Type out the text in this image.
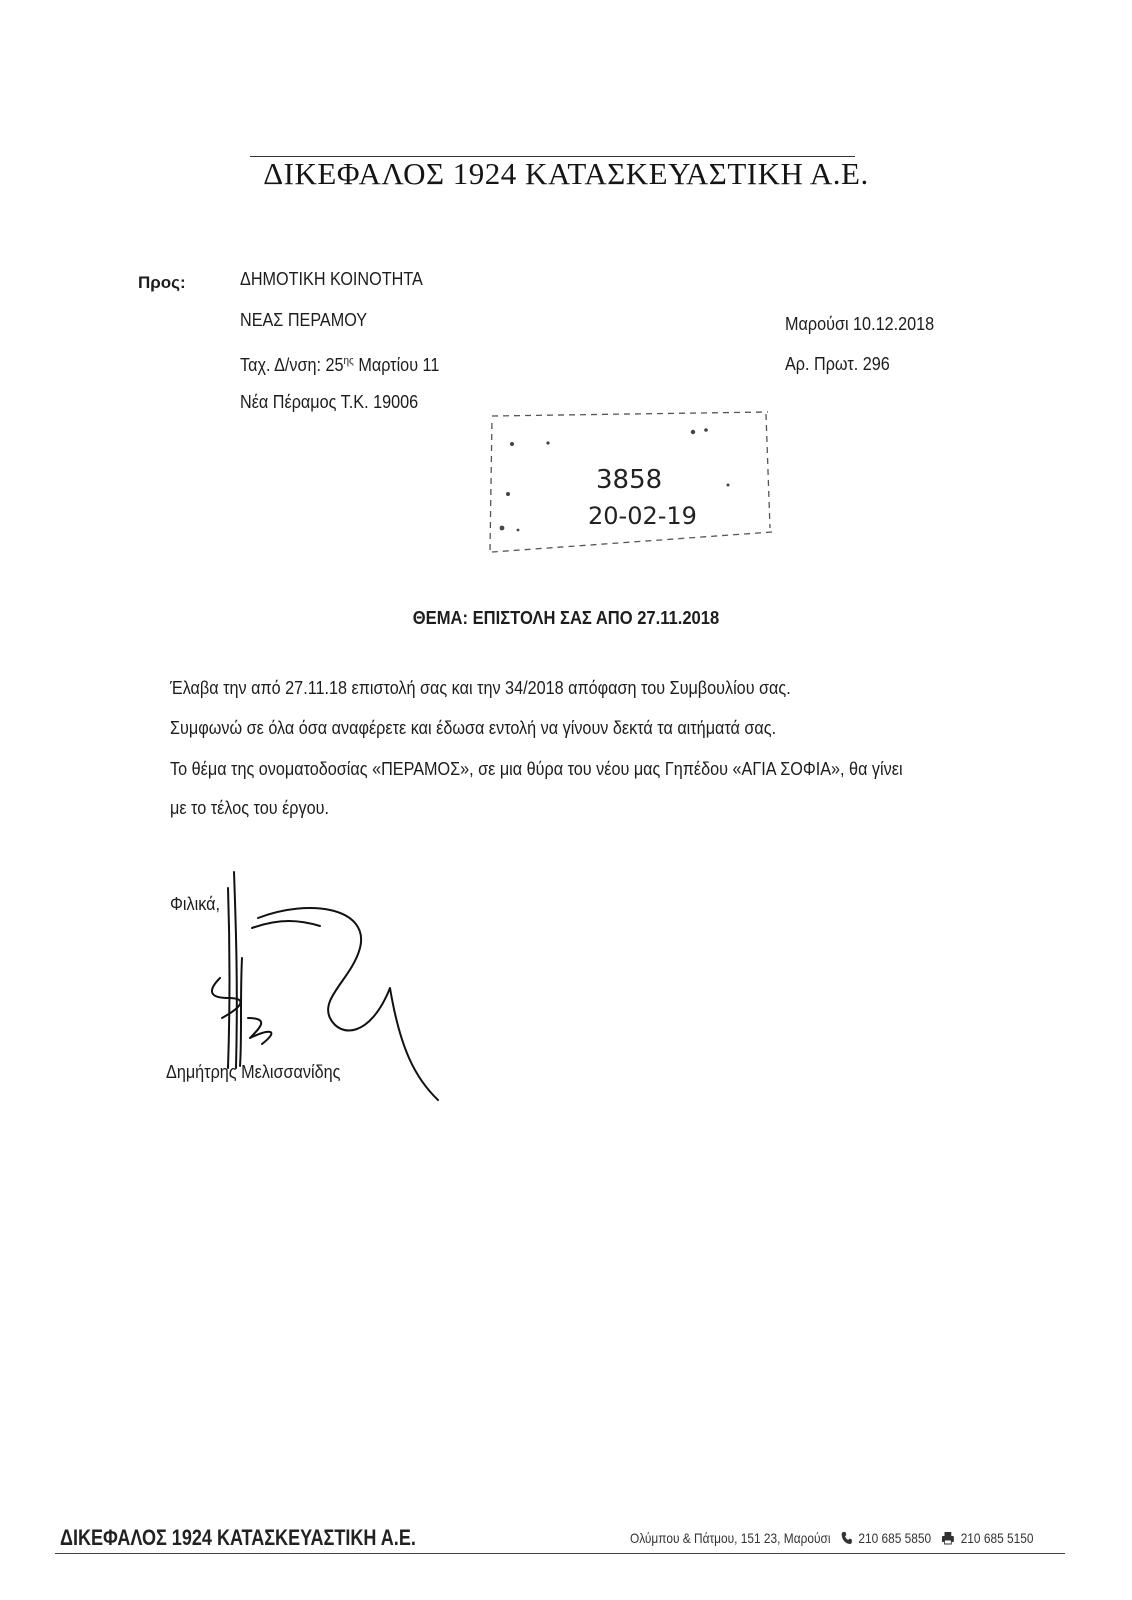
ΔΙΚΕΦΑΛΟΣ 1924 ΚΑΤΑΣΚΕΥΑΣΤΙΚΗ Α.Ε.
Προς:	ΔΗΜΟΤΙΚΗ ΚΟΙΝΟΤΗΤΑ
ΝΕΑΣ ΠΕΡΑΜΟΥ
Ταχ. Δ/νση: $25^{\eta\varsigma}$ Μαρτίου 11
Νέα Πέραμος Τ.Κ. 19006
Μαρούσι 10.12.2018
Αρ. Πρωτ. 296
3858
20-02-19
ΘΕΜΑ: ΕΠΙΣΤΟΛΗ ΣΑΣ ΑΠΟ 27.11.2018
Έλαβα την από 27.11.18 επιστολή σας και την 34/2018 απόφαση του Συμβουλίου σας.
Συμφωνώ σε όλα όσα αναφέρετε και έδωσα εντολή να γίνουν δεκτά τα αιτήματά σας.
Το θέμα της ονοματοδοσίας «ΠΕΡΑΜΟΣ», σε μια θύρα του νέου μας Γηπέδου «ΑΓΙΑ ΣΟΦΙΑ», θα γίνει
με το τέλος του έργου.
Φιλικά,
Δημήτρης Μελισσανίδης
ΔΙΚΕΦΑΛΟΣ 1924 ΚΑΤΑΣΚΕΥΑΣΤΙΚΗ Α.Ε.	Ολύμπου & Πάτμου, 151 23, Μαρούσι 210 685 5850 210 685 5150
